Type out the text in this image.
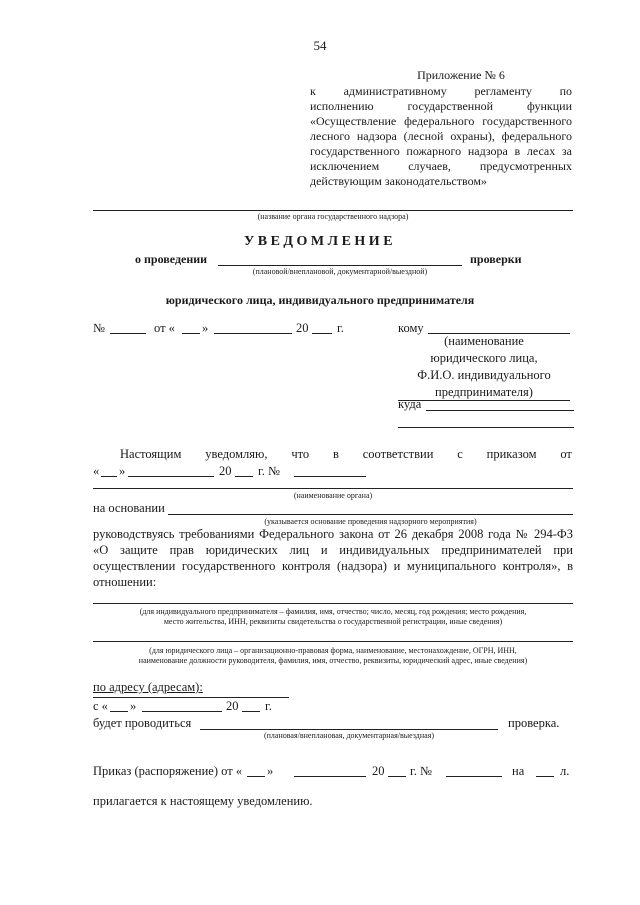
54
Приложение № 6
к административному регламенту по
исполнению государственной функции
«Осуществление федерального государственного
лесного надзора (лесной охраны), федерального
государственного пожарного надзора в лесах за
исключением случаев, предусмотренных
действующим законодательством»
(название органа государственного надзора)
УВЕДОМЛЕНИЕ
о проведении	проверки
(плановой/внеплановой, документарной/выездной)
юридического лица, индивидуального предпринимателя
№	от « »	20 г.	кому
(наименование
юридического лица,
Ф.И.О. индивидуального
предпринимателя)
куда
Настоящим уведомляю, что в соответствии с приказом от
« »	20 г. №
(наименование органа)
на основании
(указывается основание проведения надзорного мероприятия)
руководствуясь требованиями Федерального закона от 26 декабря 2008 года № 294-ФЗ
«О защите прав юридических лиц и индивидуальных предпринимателей при
осуществлении государственного контроля (надзора) и муниципального контроля», в
отношении:
(для индивидуального предпринимателя – фамилия, имя, отчество; число, месяц, год рождения; место рождения,
место жительства, ИНН, реквизиты свидетельства о государственной регистрации, иные сведения)
(для юридического лица – организационно-правовая форма, наименование, местонахождение, ОГРН, ИНН,
наименование должности руководителя, фамилия, имя, отчество, реквизиты, юридический адрес, иные сведения)
по адресу (адресам):
с « »	20 г.
будет проводиться	проверка.
(плановая/внеплановая, документарная/выездная)
Приказ (распоряжение) от « »	20 г. №	на	л.
прилагается к настоящему уведомлению.
